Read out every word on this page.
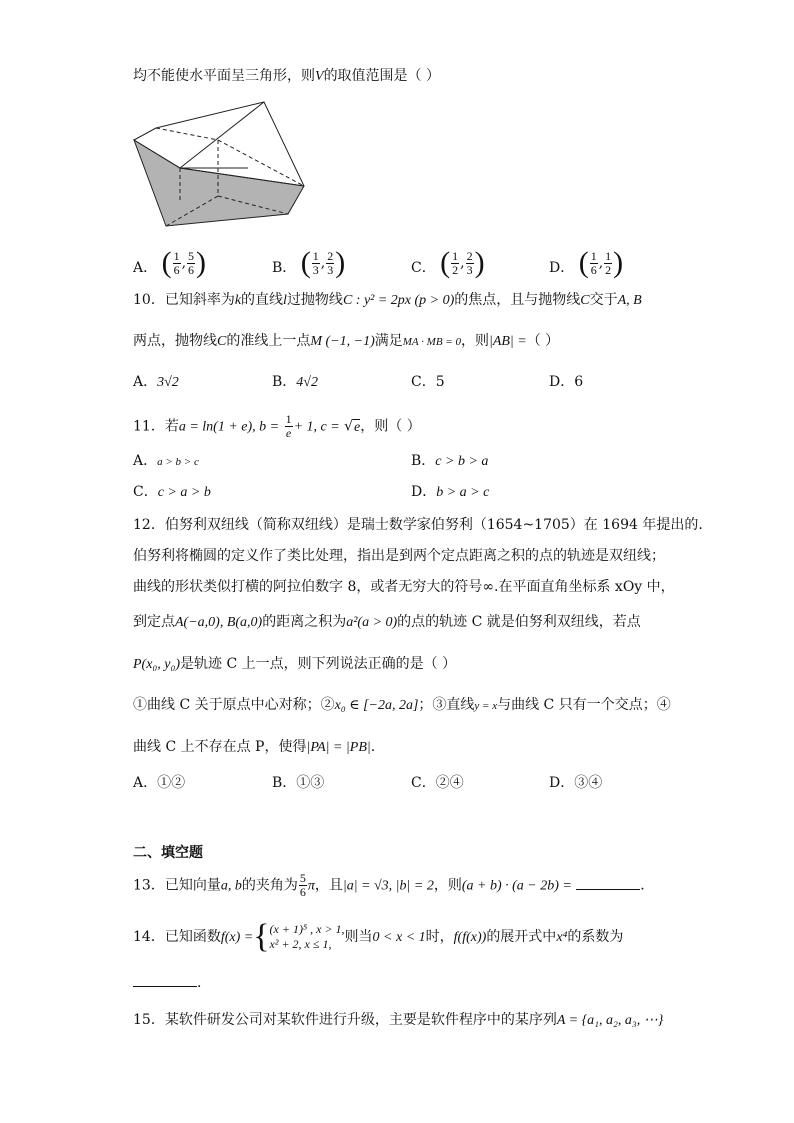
均不能使水平面呈三角形，则V的取值范围是（ ）
A． ( $\frac{1}{6}$ , $\frac{5}{6}$ )	B． ( $\frac{1}{3}$ , $\frac{2}{3}$ )	C． ( $\frac{1}{2}$ , $\frac{2}{3}$ )	D． ( $\frac{1}{6}$ , $\frac{1}{2}$ )
10．已知斜率为k的直线l过抛物线C : y² = 2px (p > 0)的焦点，且与抛物线C交于A, B
两点，抛物线C的准线上一点M (−1, −1)满足MA · MB = 0，则|AB| =（ ）
A．3√2	B．4√2	C．5	D．6
11．若a = ln(1 + e), $b = \frac{1}{e} + 1$, c = √e，则（ ）
A．a > b > c	B．c > b > a
C．c > a > b	D．b > a > c
12．伯努利双纽线（简称双纽线）是瑞士数学家伯努利（1654~1705）在 1694 年提出的.
伯努利将椭圆的定义作了类比处理，指出是到两个定点距离之积的点的轨迹是双纽线；
曲线的形状类似打横的阿拉伯数字 8，或者无穷大的符号∞.在平面直角坐标系 xOy 中，
到定点A(−a,0), B(a,0)的距离之积为a²(a > 0)的点的轨迹 C 就是伯努利双纽线，若点
P(x₀, y₀)是轨迹 C 上一点，则下列说法正确的是（ ）
①曲线 C 关于原点中心对称；②x₀ ∈ [−2a, 2a]；③直线y = x与曲线 C 只有一个交点；④
曲线 C 上不存在点 P，使得|PA| = |PB|.
A．①②	B．①③	C．②④	D．③④
二、填空题
13．已知向量a, b的夹角为 $\frac{5}{6}$ π，且|a| = √3, |b| = 2，则(a + b) · (a − 2b) =	.
14．已知函数f(x) ={ (x + 1)⁵ , x > 1,
x² + 2, x ≤ 1, 则当0 < x < 1时，f(f(x))的展开式中x⁴的系数为
.
15．某软件研发公司对某软件进行升级，主要是软件程序中的某序列A = {a₁, a₂, a₃, ⋯}
